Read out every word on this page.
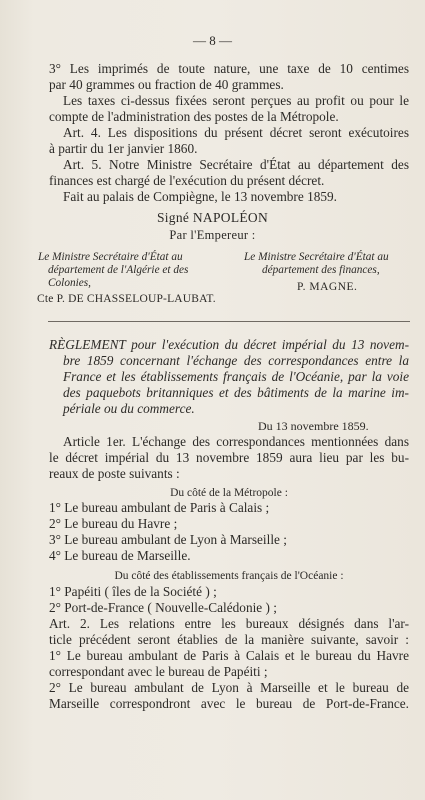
— 8 —
3° Les imprimés de toute nature, une taxe de 10 centimes
par 40 grammes ou fraction de 40 grammes.
Les taxes ci-dessus fixées seront perçues au profit ou pour le
compte de l'administration des postes de la Métropole.
Art. 4. Les dispositions du présent décret seront exécutoires
à partir du 1er janvier 1860.
Art. 5. Notre Ministre Secrétaire d'État au département des
finances est chargé de l'exécution du présent décret.
Fait au palais de Compiègne, le 13 novembre 1859.
Signé NAPOLÉON
Par l'Empereur :
Le Ministre Secrétaire d'État au
département de l'Algérie et des
Colonies,
Cte P. DE CHASSELOUP-LAUBAT.
Le Ministre Secrétaire d'État au
département des finances,
P. MAGNE.
RÈGLEMENT pour l'exécution du décret impérial du 13 novem-
bre 1859 concernant l'échange des correspondances entre la
France et les établissements français de l'Océanie, par la voie
des paquebots britanniques et des bâtiments de la marine im-
périale ou du commerce.
Du 13 novembre 1859.
Article 1er. L'échange des correspondances mentionnées dans
le décret impérial du 13 novembre 1859 aura lieu par les bu-
reaux de poste suivants :
Du côté de la Métropole :
1° Le bureau ambulant de Paris à Calais ;
2° Le bureau du Havre ;
3° Le bureau ambulant de Lyon à Marseille ;
4° Le bureau de Marseille.
Du côté des établissements français de l'Océanie :
1° Papéiti ( îles de la Société ) ;
2° Port-de-France ( Nouvelle-Calédonie ) ;
Art. 2. Les relations entre les bureaux désignés dans l'ar-
ticle précédent seront établies de la manière suivante, savoir :
1° Le bureau ambulant de Paris à Calais et le bureau du Havre
correspondant avec le bureau de Papéiti ;
2° Le bureau ambulant de Lyon à Marseille et le bureau de
Marseille correspondront avec le bureau de Port-de-France.
